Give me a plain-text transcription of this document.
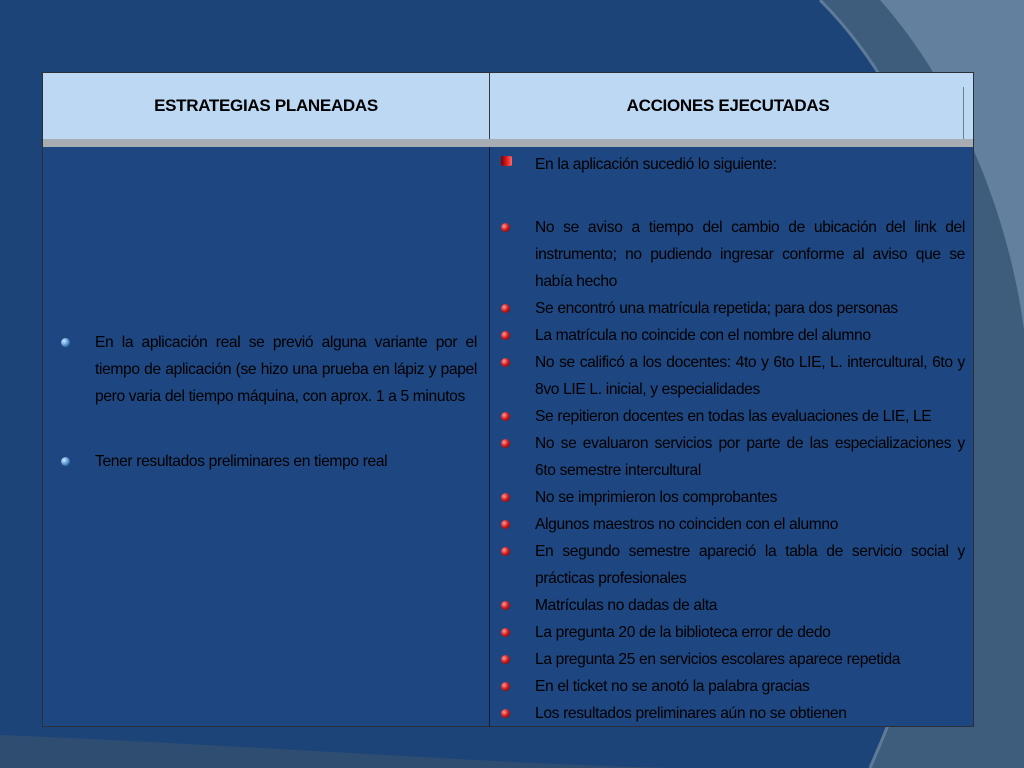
ESTRATEGIAS PLANEADAS	ACCIONES EJECUTADAS
En la aplicación real se previó alguna variante por el tiempo de aplicación (se hizo una prueba en lápiz y papel pero varia del tiempo máquina, con aprox. 1 a 5 minutos
Tener resultados preliminares en tiempo real
En la aplicación sucedió lo siguiente:
No se aviso a tiempo del cambio de ubicación del link del instrumento; no pudiendo ingresar conforme al aviso que se había hecho
Se encontró una matrícula repetida; para dos personas
La matrícula no coincide con el nombre del alumno
No se calificó a los docentes: 4to y 6to LIE, L. intercultural, 6to y 8vo LIE L. inicial, y especialidades
Se repitieron docentes en todas las evaluaciones de LIE, LE
No se evaluaron servicios por parte de las especializaciones y 6to semestre intercultural
No se imprimieron los comprobantes
Algunos maestros no coinciden con el alumno
En segundo semestre apareció la tabla de servicio social y prácticas profesionales
Matrículas no dadas de alta
La pregunta 20 de la biblioteca error de dedo
La pregunta 25 en servicios escolares aparece repetida
En el ticket no se anotó la palabra gracias
Los resultados preliminares aún no se obtienen
